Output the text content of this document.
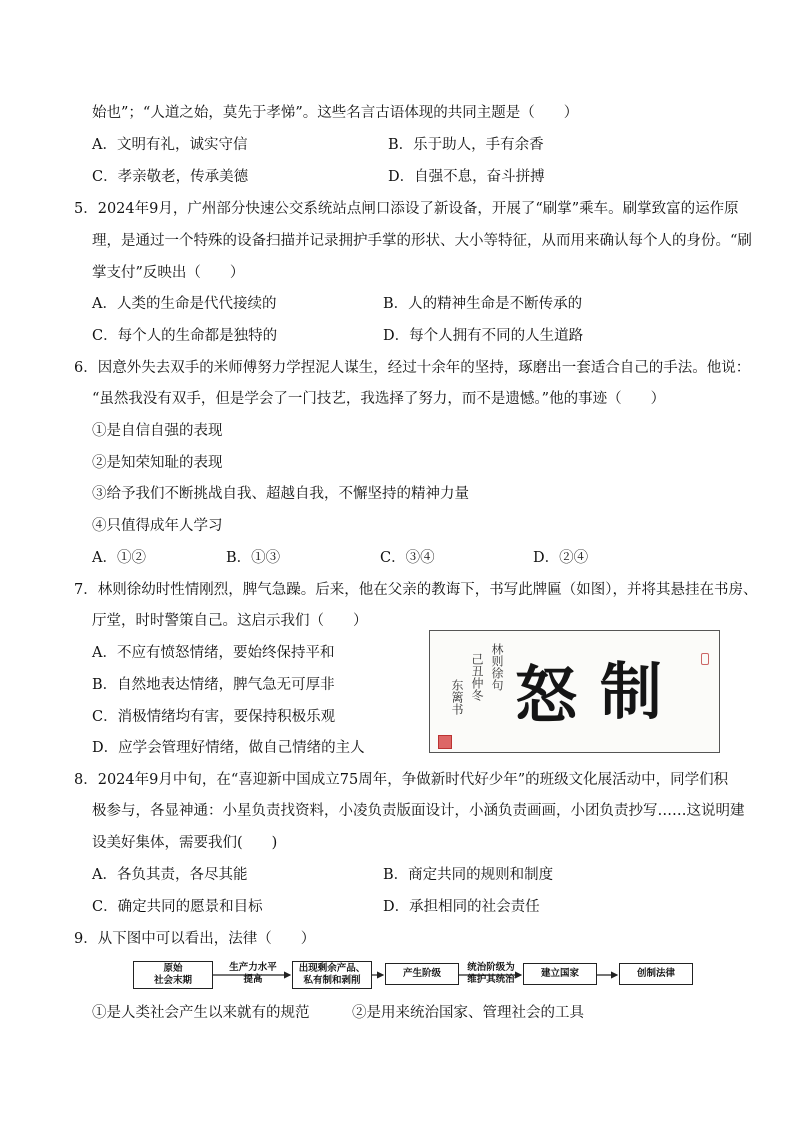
始也”；“人道之始，莫先于孝悌”。这些名言古语体现的共同主题是（　　）
A．文明有礼，诚实守信	B．乐于助人，手有余香
C．孝亲敬老，传承美德	D．自强不息，奋斗拼搏
5．2024年9月，广州部分快速公交系统站点闸口添设了新设备，开展了“刷掌”乘车。刷掌致富的运作原
理，是通过一个特殊的设备扫描并记录拥护手掌的形状、大小等特征，从而用来确认每个人的身份。“刷
掌支付”反映出（　　）
A．人类的生命是代代接续的	B．人的精神生命是不断传承的
C．每个人的生命都是独特的	D．每个人拥有不同的人生道路
6．因意外失去双手的米师傅努力学捏泥人谋生，经过十余年的坚持，琢磨出一套适合自己的手法。他说：
“虽然我没有双手，但是学会了一门技艺，我选择了努力，而不是遗憾。”他的事迹（　　）
①是自信自强的表现
②是知荣知耻的表现
③给予我们不断挑战自我、超越自我，不懈坚持的精神力量
④只值得成年人学习
A．①②	B．①③	C．③④	D．②④
7．林则徐幼时性情刚烈，脾气急躁。后来，他在父亲的教诲下，书写此牌匾（如图），并将其悬挂在书房、
厅堂，时时警策自己。这启示我们（　　）
A．不应有愤怒情绪，要始终保持平和
B．自然地表达情绪，脾气急无可厚非
C．消极情绪均有害，要保持积极乐观
D．应学会管理好情绪，做自己情绪的主人
林则徐句
己丑仲冬
东篱书 怒 制
8．2024年9月中旬，在“喜迎新中国成立75周年，争做新时代好少年”的班级文化展活动中，同学们积
极参与，各显神通：小星负责找资料，小凌负责版面设计，小涵负责画画，小团负责抄写……这说明建
设美好集体，需要我们(　　)
A．各负其责，各尽其能	B．商定共同的规则和制度
C．确定共同的愿景和目标	D．承担相同的社会责任
9．从下图中可以看出，法律（　　）
原始
社会末期
出现剩余产品、
私有制和剥削
产生阶级	建立国家	创制法律
生产力水平
提高
统治阶级为
维护其统治
①是人类社会产生以来就有的规范	②是用来统治国家、管理社会的工具
